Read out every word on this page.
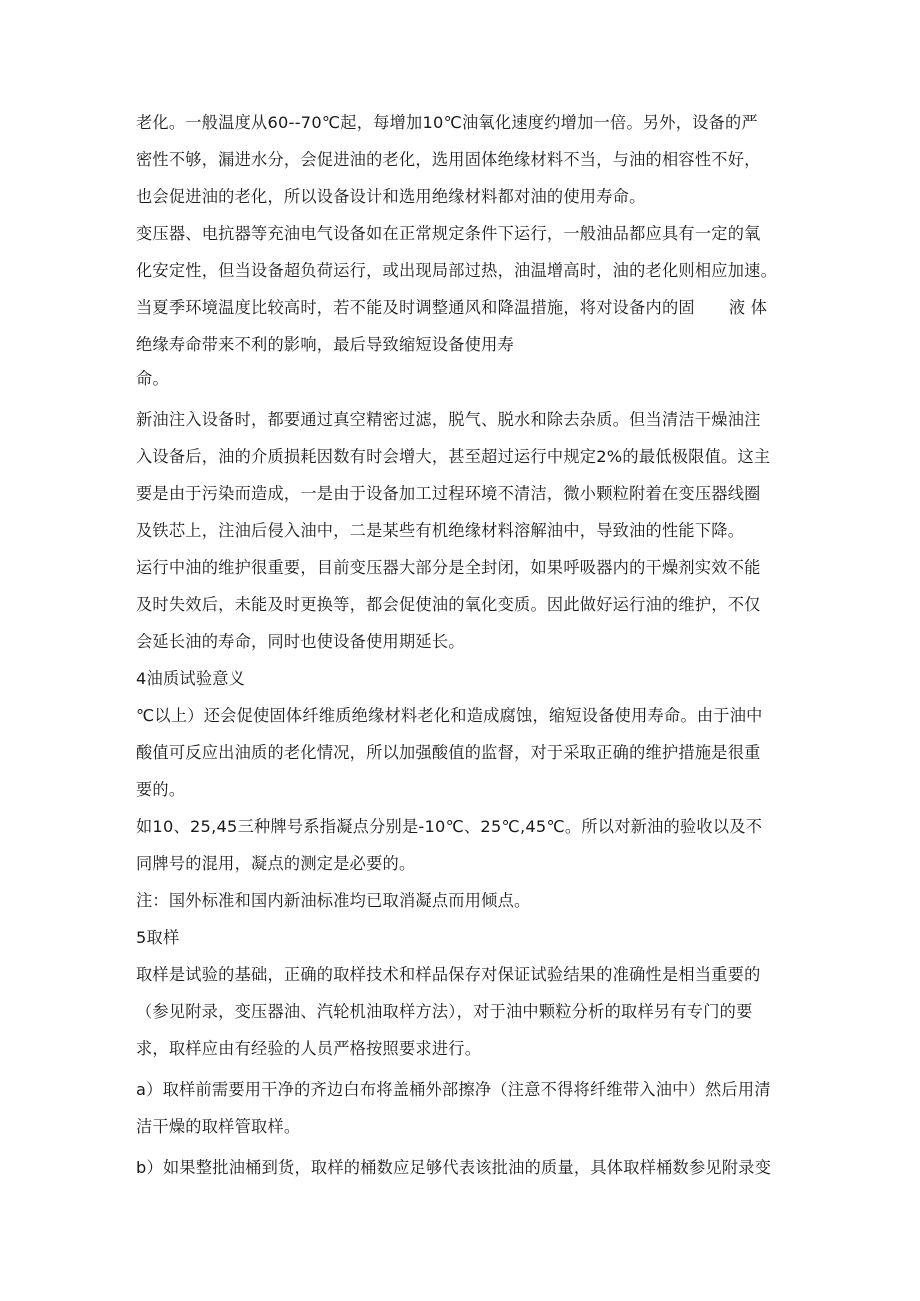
老化。一般温度从60--70℃起，每增加10℃油氧化速度约增加一倍。另外，设备的严
密性不够，漏进水分，会促进油的老化，选用固体绝缘材料不当，与油的相容性不好，
也会促进油的老化，所以设备设计和选用绝缘材料都对油的使用寿命。
变压器、电抗器等充油电气设备如在正常规定条件下运行，一般油品都应具有一定的氧
化安定性，但当设备超负荷运行，或出现局部过热，油温增高时，油的老化则相应加速。
当夏季环境温度比较高时，若不能及时调整通风和降温措施，将对设备内的固 液 体
绝缘寿命带来不利的影响，最后导致缩短设备使用寿
命。
新油注入设备时，都要通过真空精密过滤，脱气、脱水和除去杂质。但当清洁干燥油注
入设备后，油的介质损耗因数有时会增大，甚至超过运行中规定2%的最低极限值。这主
要是由于污染而造成，一是由于设备加工过程环境不清洁，微小颗粒附着在变压器线圈
及铁芯上，注油后侵入油中，二是某些有机绝缘材料溶解油中，导致油的性能下降。
运行中油的维护很重要，目前变压器大部分是全封闭，如果呼吸器内的干燥剂实效不能
及时失效后，未能及时更换等，都会促使油的氧化变质。因此做好运行油的维护，不仅
会延长油的寿命，同时也使设备使用期延长。
4油质试验意义
℃以上）还会促使固体纤维质绝缘材料老化和造成腐蚀，缩短设备使用寿命。由于油中
酸值可反应出油质的老化情况，所以加强酸值的监督，对于采取正确的维护措施是很重
要的。
如10、25,45三种牌号系指凝点分别是-10℃、25℃,45℃。所以对新油的验收以及不
同牌号的混用，凝点的测定是必要的。
注：国外标准和国内新油标准均已取消凝点而用倾点。
5取样
取样是试验的基础，正确的取样技术和样品保存对保证试验结果的准确性是相当重要的
（参见附录，变压器油、汽轮机油取样方法），对于油中颗粒分析的取样另有专门的要
求，取样应由有经验的人员严格按照要求进行。
a）取样前需要用干净的齐边白布将盖桶外部擦净（注意不得将纤维带入油中）然后用清
洁干燥的取样管取样。
b）如果整批油桶到货，取样的桶数应足够代表该批油的质量，具体取样桶数参见附录变
